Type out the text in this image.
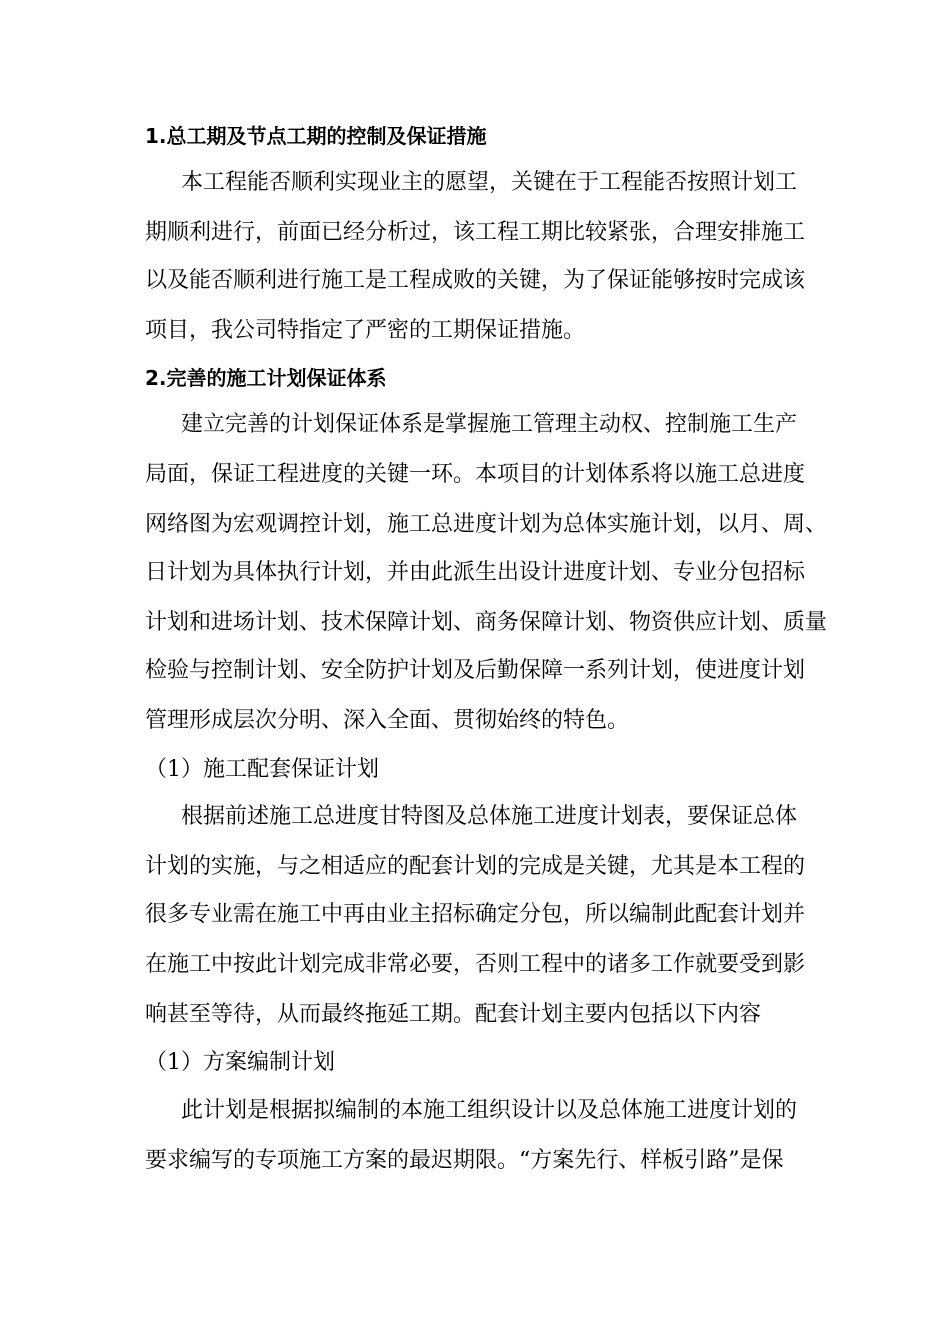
1.总工期及节点工期的控制及保证措施

本工程能否顺利实现业主的愿望，关键在于工程能否按照计划工

期顺利进行，前面已经分析过，该工程工期比较紧张，合理安排施工

以及能否顺利进行施工是工程成败的关键，为了保证能够按时完成该

项目，我公司特指定了严密的工期保证措施。

2.完善的施工计划保证体系

建立完善的计划保证体系是掌握施工管理主动权、控制施工生产

局面，保证工程进度的关键一环。本项目的计划体系将以施工总进度

网络图为宏观调控计划，施工总进度计划为总体实施计划，以月、周、

日计划为具体执行计划，并由此派生出设计进度计划、专业分包招标

计划和进场计划、技术保障计划、商务保障计划、物资供应计划、质量

检验与控制计划、安全防护计划及后勤保障一系列计划，使进度计划

管理形成层次分明、深入全面、贯彻始终的特色。

（1）施工配套保证计划

根据前述施工总进度甘特图及总体施工进度计划表，要保证总体

计划的实施，与之相适应的配套计划的完成是关键，尤其是本工程的

很多专业需在施工中再由业主招标确定分包，所以编制此配套计划并

在施工中按此计划完成非常必要，否则工程中的诸多工作就要受到影

响甚至等待，从而最终拖延工期。配套计划主要内包括以下内容

（1）方案编制计划

此计划是根据拟编制的本施工组织设计以及总体施工进度计划的

要求编写的专项施工方案的最迟期限。“方案先行、样板引路”是保
